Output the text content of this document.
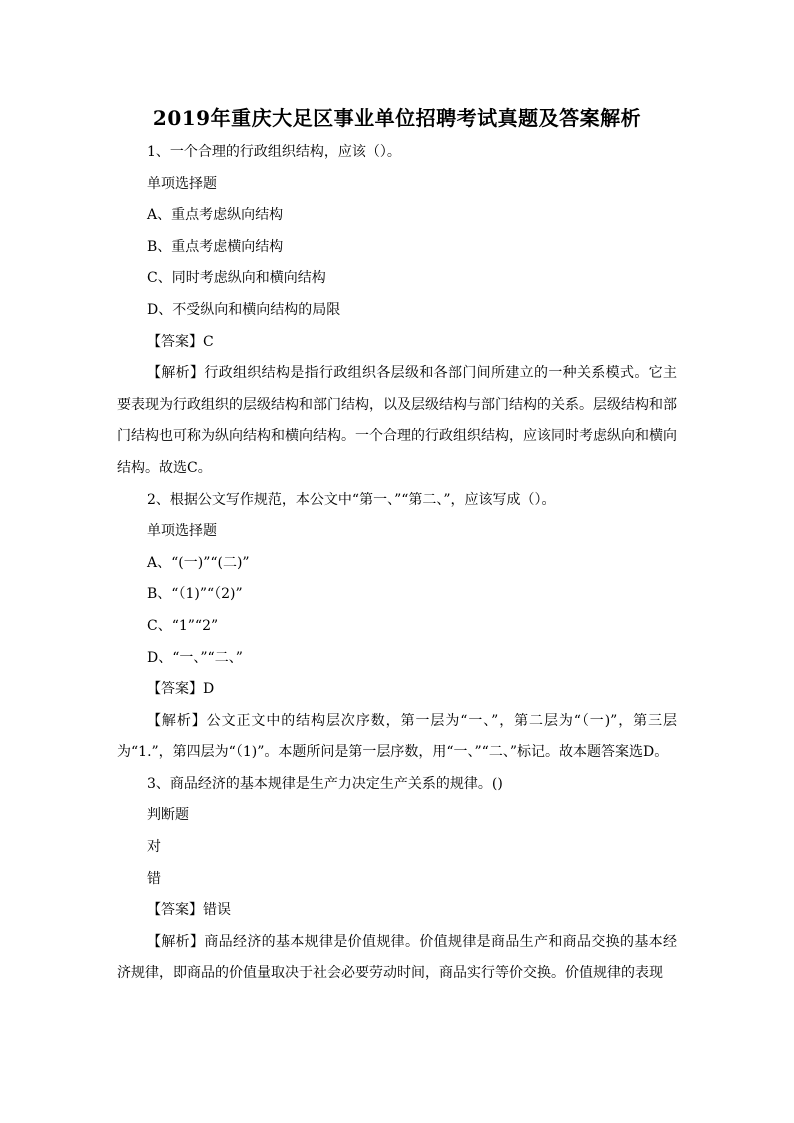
2019年重庆大足区事业单位招聘考试真题及答案解析

1、一个合理的行政组织结构，应该（）。

单项选择题

A、重点考虑纵向结构

B、重点考虑横向结构

C、同时考虑纵向和横向结构

D、不受纵向和横向结构的局限

【答案】C

【解析】行政组织结构是指行政组织各层级和各部门间所建立的一种关系模式。它主要表现为行政组织的层级结构和部门结构，以及层级结构与部门结构的关系。层级结构和部门结构也可称为纵向结构和横向结构。一个合理的行政组织结构，应该同时考虑纵向和横向结构。故选C。

2、根据公文写作规范，本公文中“第一、”“第二、”，应该写成（）。

单项选择题

A、“(一)”“(二)”

B、“（1)”“（2)”

C、“1”“2”

D、“一、”“二、”

【答案】D

【解析】公文正文中的结构层次序数，第一层为“一、”，第二层为“（一)”，第三层为“1.”，第四层为“（1)”。本题所问是第一层序数，用“一、”“二、”标记。故本题答案选D。

3、商品经济的基本规律是生产力决定生产关系的规律。()

判断题

对

错

【答案】错误

【解析】商品经济的基本规律是价值规律。价值规律是商品生产和商品交换的基本经济规律，即商品的价值量取决于社会必要劳动时间，商品实行等价交换。价值规律的表现
